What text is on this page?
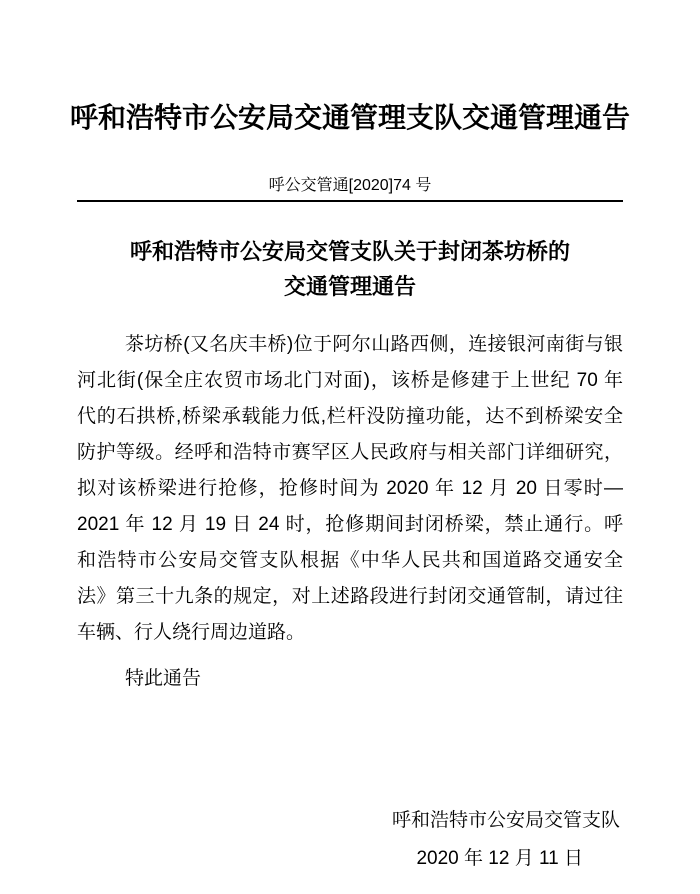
呼和浩特市公安局交通管理支队交通管理通告
呼公交管通[2020]74 号
呼和浩特市公安局交管支队关于封闭茶坊桥的
交通管理通告
茶坊桥(又名庆丰桥)位于阿尔山路西侧，连接银河南街与银
河北街(保全庄农贸市场北门对面)，该桥是修建于上世纪 70 年
代的石拱桥,桥梁承载能力低,栏杆没防撞功能，达不到桥梁安全
防护等级。经呼和浩特市赛罕区人民政府与相关部门详细研究，
拟对该桥梁进行抢修，抢修时间为 2020 年 12 月 20 日零时—
2021 年 12 月 19 日 24 时，抢修期间封闭桥梁，禁止通行。呼
和浩特市公安局交管支队根据《中华人民共和国道路交通安全
法》第三十九条的规定，对上述路段进行封闭交通管制，请过往
车辆、行人绕行周边道路。
特此通告
呼和浩特市公安局交管支队
2020 年 12 月 11 日
